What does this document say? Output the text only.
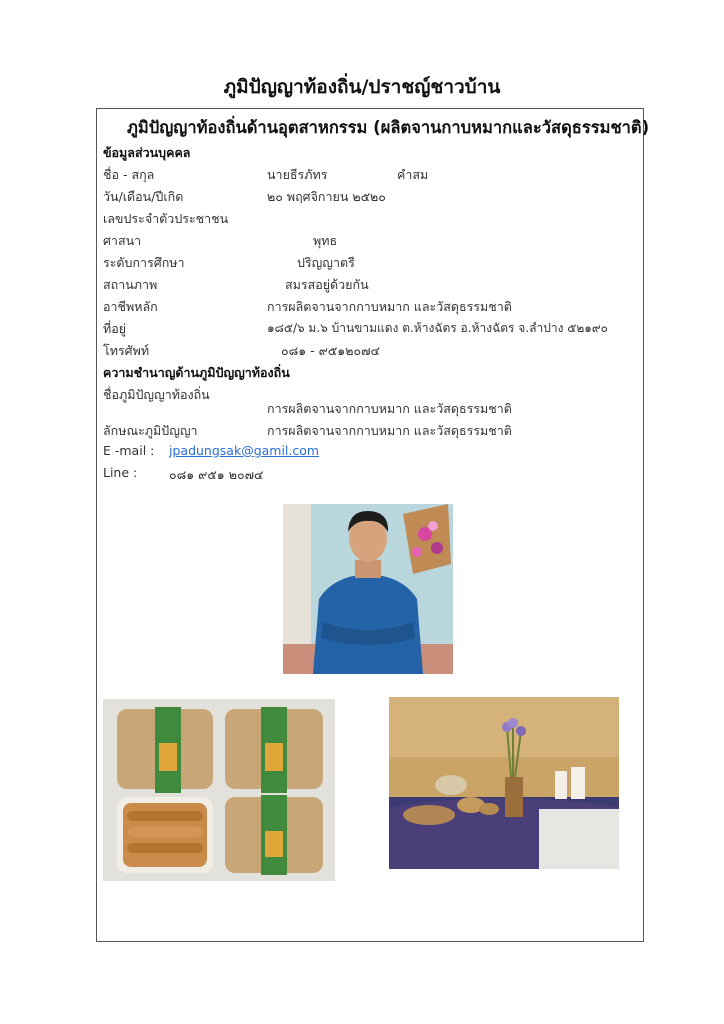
ภูมิปัญญาท้องถิ่น/ปราชญ์ชาวบ้าน
ภูมิปัญญาท้องถิ่นด้านอุตสาหกรรม (ผลิตจานกาบหมากและวัสดุธรรมชาติ)
ข้อมูลส่วนบุคคล
ชื่อ - สกุล	นายธีรภัทร	คำสม
วัน/เดือน/ปีเกิด	๒๐ พฤศจิกายน ๒๕๒๐
เลขประจำตัวประชาชน
ศาสนา	พุทธ
ระดับการศึกษา	ปริญญาตรี
สถานภาพ	สมรสอยู่ด้วยกัน
อาชีพหลัก	การผลิตจานจากกาบหมาก และวัสดุธรรมชาติ
ที่อยู่	๑๘๕/๖ ม.๖ บ้านขามแดง ต.ห้างฉัตร อ.ห้างฉัตร จ.ลำปาง ๕๒๑๙๐
โทรศัพท์	๐๘๑ - ๙๕๑๒๐๗๔
ความชำนาญด้านภูมิปัญญาท้องถิ่น
ชื่อภูมิปัญญาท้องถิ่น
การผลิตจานจากกาบหมาก และวัสดุธรรมชาติ
ลักษณะภูมิปัญญา	การผลิตจานจากกาบหมาก และวัสดุธรรมชาติ
E -mail : jpadungsak@gamil.com
Line :	๐๘๑ ๙๕๑ ๒๐๗๔
